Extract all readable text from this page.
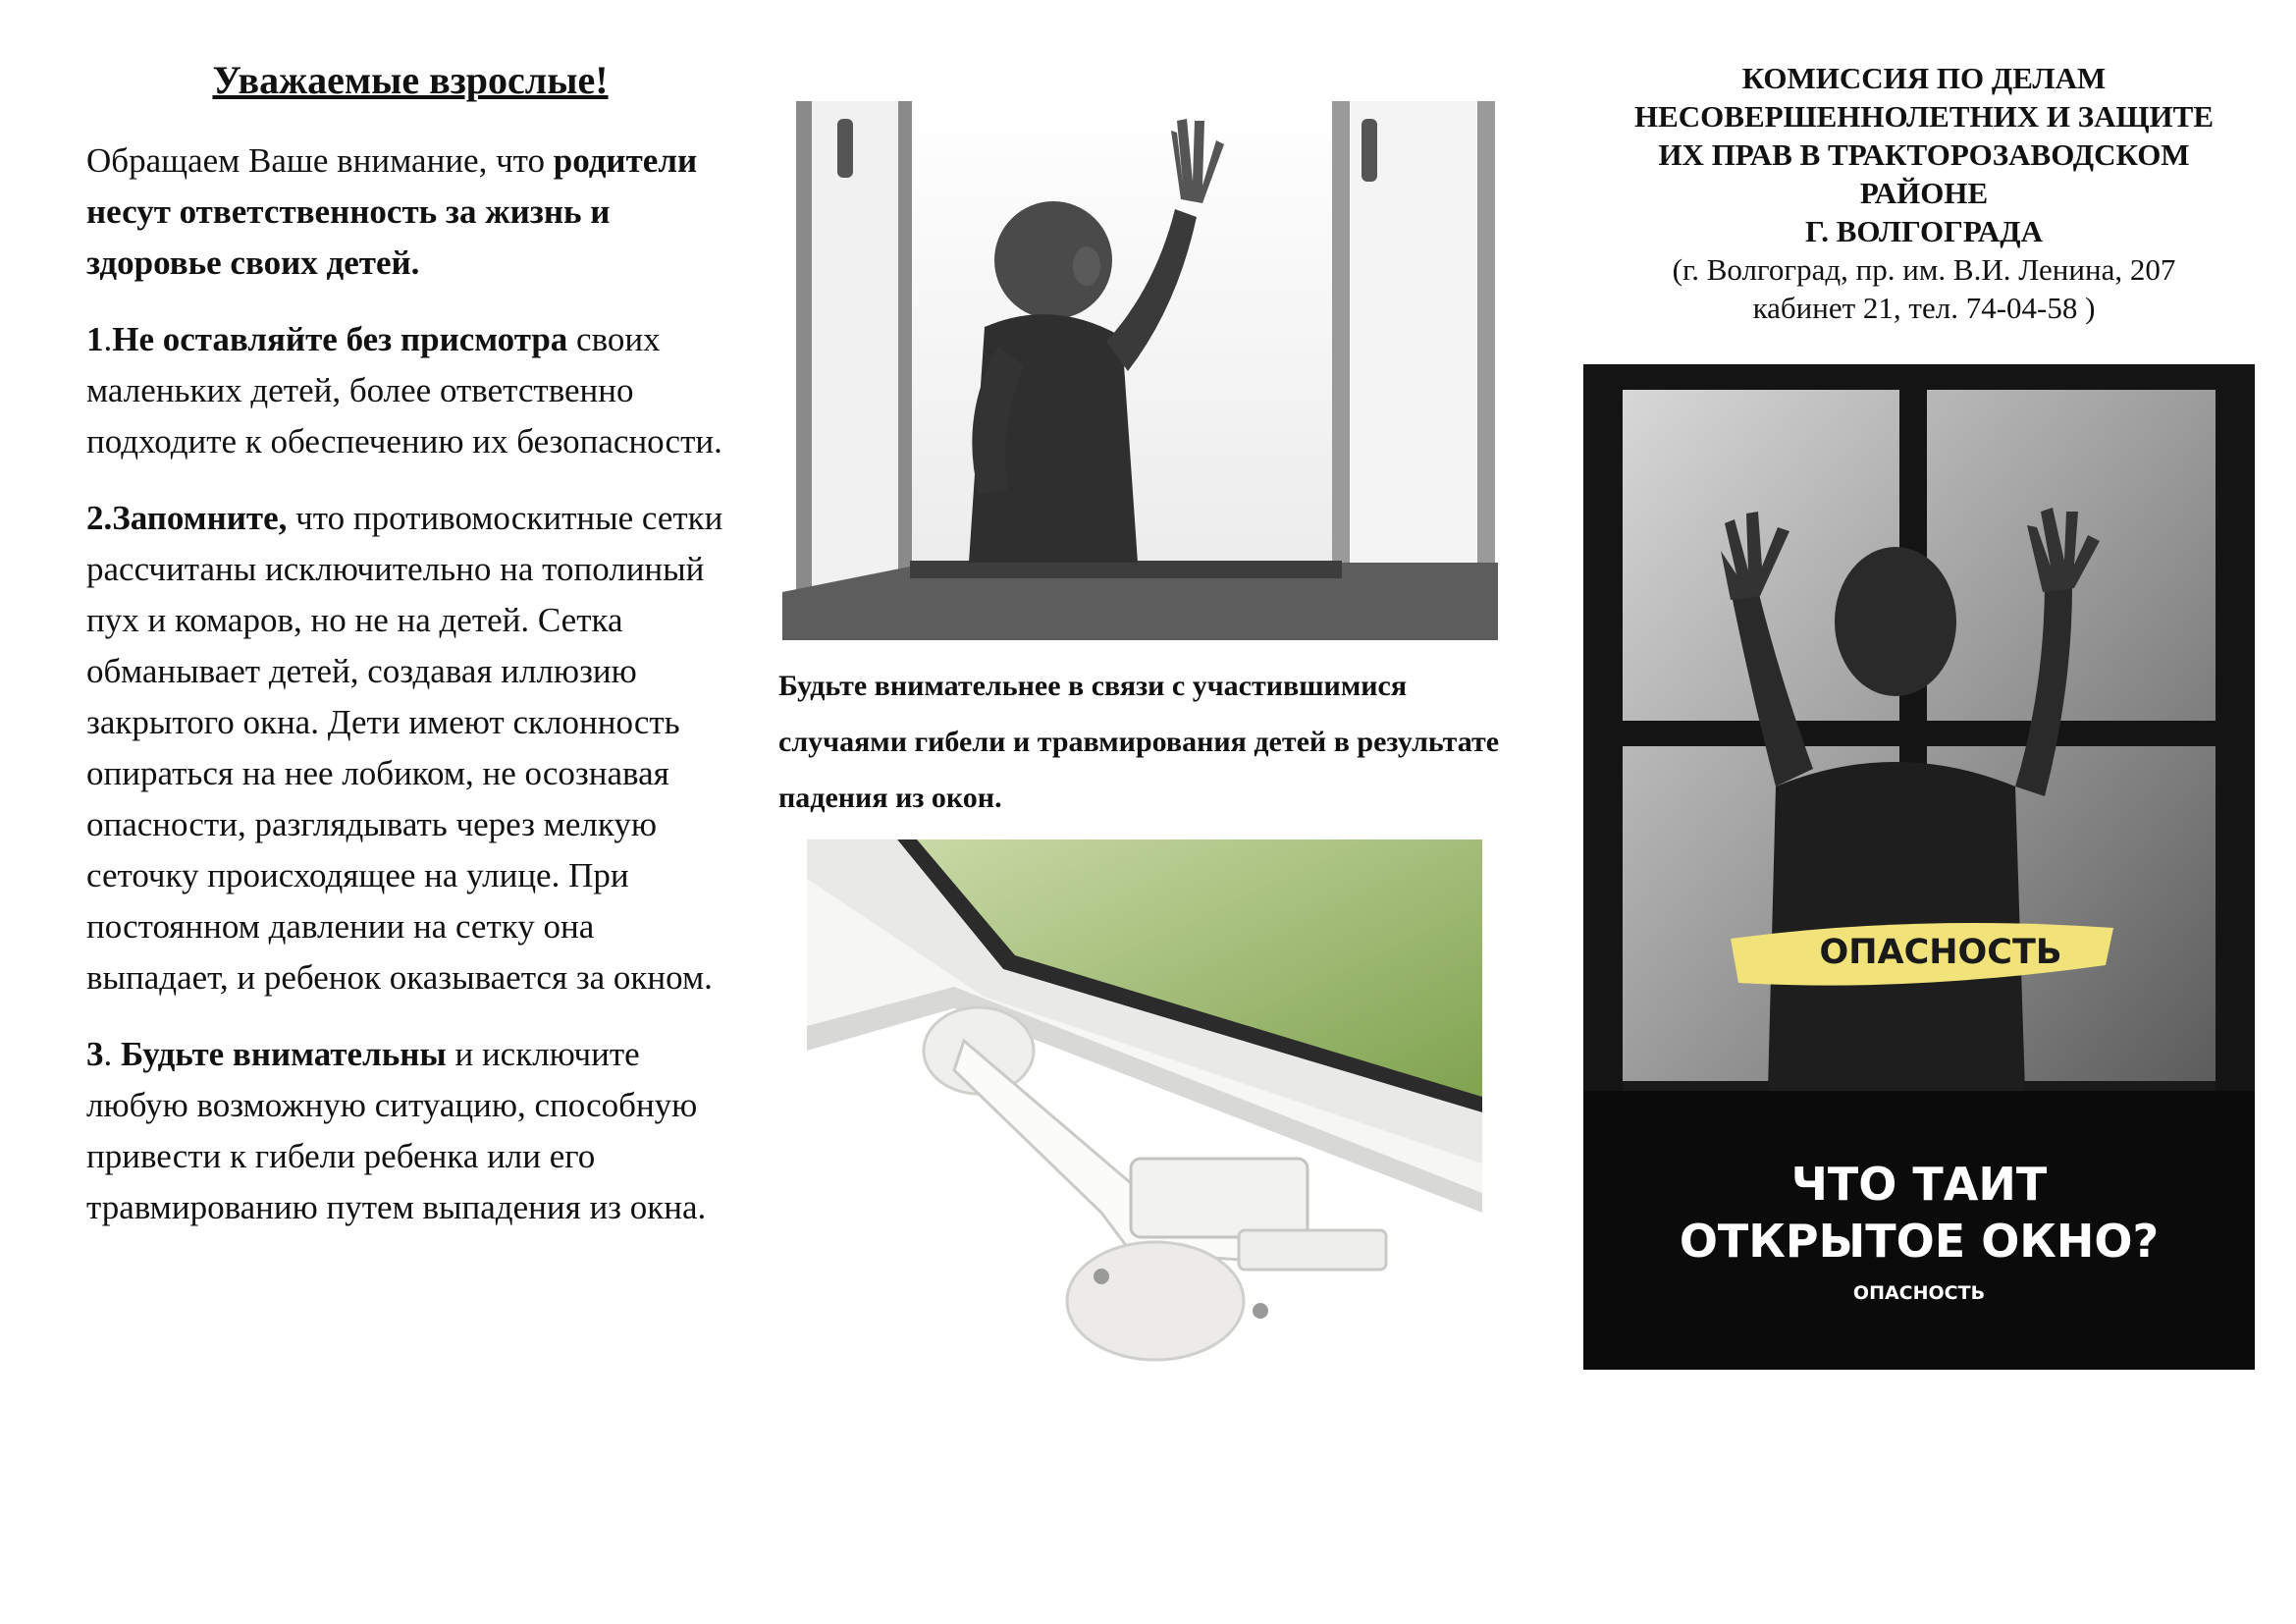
Уважаемые взрослые!

Обращаем Ваше внимание, что родители несут ответственность за жизнь и здоровье своих детей.

1.Не оставляйте без присмотра своих маленьких детей, более ответственно подходите к обеспечению их безопасности.

2.Запомните, что противомоскитные сетки рассчитаны исключительно на тополиный пух и комаров, но не на детей. Сетка обманывает детей, создавая иллюзию закрытого окна. Дети имеют склонность опираться на нее лобиком, не осознавая опасности, разглядывать через мелкую сеточку происходящее на улице. При постоянном давлении на сетку она выпадает, и ребенок оказывается за окном.

3. Будьте внимательны и исключите любую возможную ситуацию, способную привести к гибели ребенка или его травмированию путем выпадения из окна.

Будьте внимательнее в связи с участившимися случаями гибели и травмирования детей в результате падения из окон.
КОМИССИЯ ПО ДЕЛАМ
НЕСОВЕРШЕННОЛЕТНИХ И ЗАЩИТЕ
ИХ ПРАВ В ТРАКТОРОЗАВОДСКОМ
РАЙОНЕ
Г. ВОЛГОГРАДА
(г. Волгоград, пр. им. В.И. Ленина, 207
кабинет 21, тел. 74-04-58 )
ОПАСНОСТЬ
ЧТО ТАИТ
ОТКРЫТОЕ ОКНО?
ОПАСНОСТЬ
